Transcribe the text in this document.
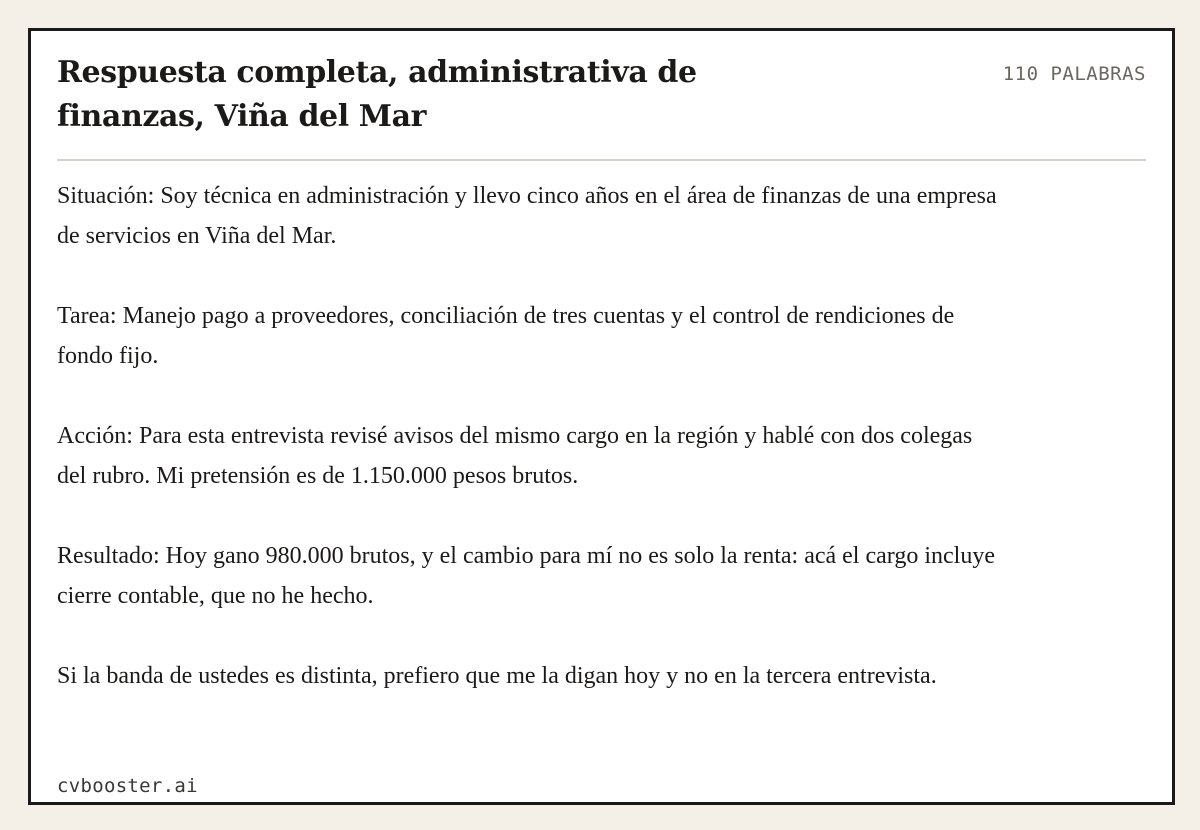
Respuesta completa, administrativa de finanzas, Viña del Mar
110 PALABRAS

Situación: Soy técnica en administración y llevo cinco años en el área de finanzas de una empresa de servicios en Viña del Mar.

Tarea: Manejo pago a proveedores, conciliación de tres cuentas y el control de rendiciones de fondo fijo.

Acción: Para esta entrevista revisé avisos del mismo cargo en la región y hablé con dos colegas del rubro. Mi pretensión es de 1.150.000 pesos brutos.

Resultado: Hoy gano 980.000 brutos, y el cambio para mí no es solo la renta: acá el cargo incluye cierre contable, que no he hecho.

Si la banda de ustedes es distinta, prefiero que me la digan hoy y no en la tercera entrevista.

cvbooster.ai
